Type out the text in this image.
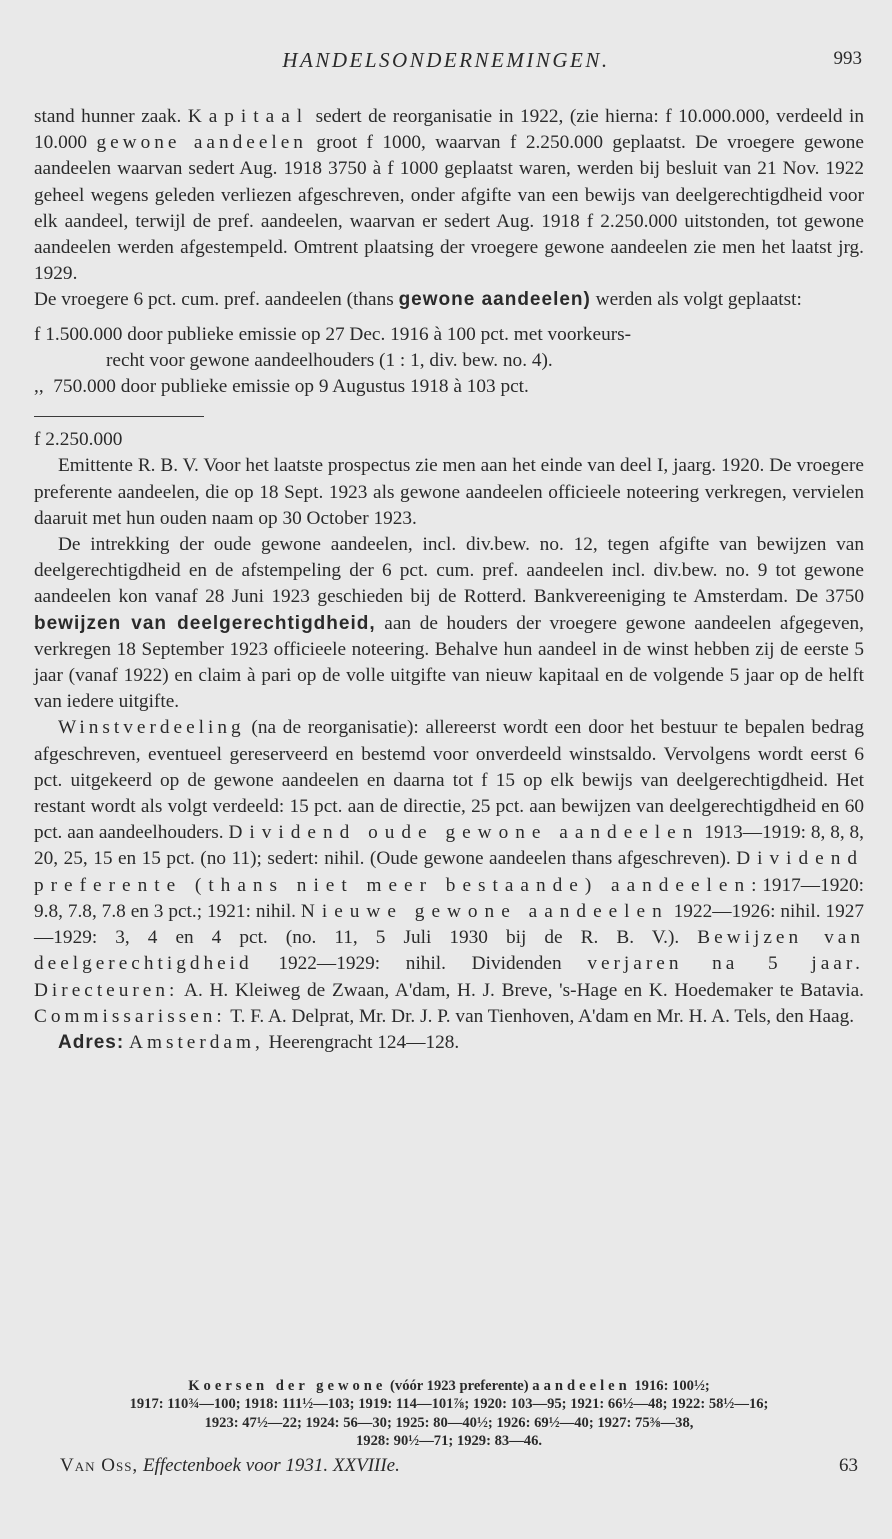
HANDELSONDERNEMINGEN.	993

stand hunner zaak. Kapitaal sedert de reorganisatie in 1922, (zie hierna: f 10.000.000, verdeeld in 10.000 gewone aandeelen groot f 1000, waarvan f 2.250.000 geplaatst. De vroegere gewone aandeelen waarvan sedert Aug. 1918 3750 à f 1000 geplaatst waren, werden bij besluit van 21 Nov. 1922 geheel wegens geleden verliezen afgeschreven, onder afgifte van een bewijs van deelgerechtigdheid voor elk aandeel, terwijl de pref. aandeelen, waarvan er sedert Aug. 1918 f 2.250.000 uitstonden, tot gewone aandeelen werden afgestempeld. Omtrent plaatsing der vroegere gewone aandeelen zie men het laatst jrg. 1929.

De vroegere 6 pct. cum. pref. aandeelen (thans gewone aandeelen) werden als volgt geplaatst:

f 1.500.000 door publieke emissie op 27 Dec. 1916 à 100 pct. met voorkeurs-
recht voor gewone aandeelhouders (1 : 1, div. bew. no. 4).
,,  750.000 door publieke emissie op 9 Augustus 1918 à 103 pct.

f 2.250.000

Emittente R. B. V. Voor het laatste prospectus zie men aan het einde van deel I, jaarg. 1920. De vroegere preferente aandeelen, die op 18 Sept. 1923 als gewone aandeelen officieele noteering verkregen, vervielen daaruit met hun ouden naam op 30 October 1923.

De intrekking der oude gewone aandeelen, incl. div.bew. no. 12, tegen afgifte van bewijzen van deelgerechtigdheid en de afstempeling der 6 pct. cum. pref. aandeelen incl. div.bew. no. 9 tot gewone aandeelen kon vanaf 28 Juni 1923 geschieden bij de Rotterd. Bankvereeniging te Amsterdam. De 3750 bewijzen van deelgerechtigdheid, aan de houders der vroegere gewone aandeelen afgegeven, verkregen 18 September 1923 officieele noteering. Behalve hun aandeel in de winst hebben zij de eerste 5 jaar (vanaf 1922) en claim à pari op de volle uitgifte van nieuw kapitaal en de volgende 5 jaar op de helft van iedere uitgifte.

Winstverdeeling (na de reorganisatie): allereerst wordt een door het bestuur te bepalen bedrag afgeschreven, eventueel gereserveerd en bestemd voor onverdeeld winstsaldo. Vervolgens wordt eerst 6 pct. uitgekeerd op de gewone aandeelen en daarna tot f 15 op elk bewijs van deelgerechtigdheid. Het restant wordt als volgt verdeeld: 15 pct. aan de directie, 25 pct. aan bewijzen van deelgerechtigdheid en 60 pct. aan aandeelhouders. Dividend oude gewone aandeelen 1913—1919: 8, 8, 8, 20, 25, 15 en 15 pct. (no 11); sedert: nihil. (Oude gewone aandeelen thans afgeschreven). Dividend preferente (thans niet meer bestaande) aandeelen: 1917—1920: 9.8, 7.8, 7.8 en 3 pct.; 1921: nihil. Nieuwe gewone aandeelen 1922—1926: nihil. 1927—1929: 3, 4 en 4 pct. (no. 11, 5 Juli 1930 bij de R. B. V.). Bewijzen van deelgerechtigdheid 1922—1929: nihil. Dividenden verjaren na 5 jaar. Directeuren: A. H. Kleiweg de Zwaan, A'dam, H. J. Breve, 's-Hage en K. Hoedemaker te Batavia. Commissarissen: T. F. A. Delprat, Mr. Dr. J. P. van Tienhoven, A'dam en Mr. H. A. Tels, den Haag.

Adres: Amsterdam, Heerengracht 124—128.

Koersen der gewone (vóór 1923 preferente) aandeelen 1916: 100½;
1917: 110¾—100; 1918: 111½—103; 1919: 114—101⅞; 1920: 103—95; 1921: 66½—48; 1922: 58½—16;
1923: 47½—22; 1924: 56—30; 1925: 80—40½; 1926: 69½—40; 1927: 75⅜—38,
1928: 90½—71; 1929: 83—46.
Van Oss, Effectenboek voor 1931. XXVIIIe.	63
